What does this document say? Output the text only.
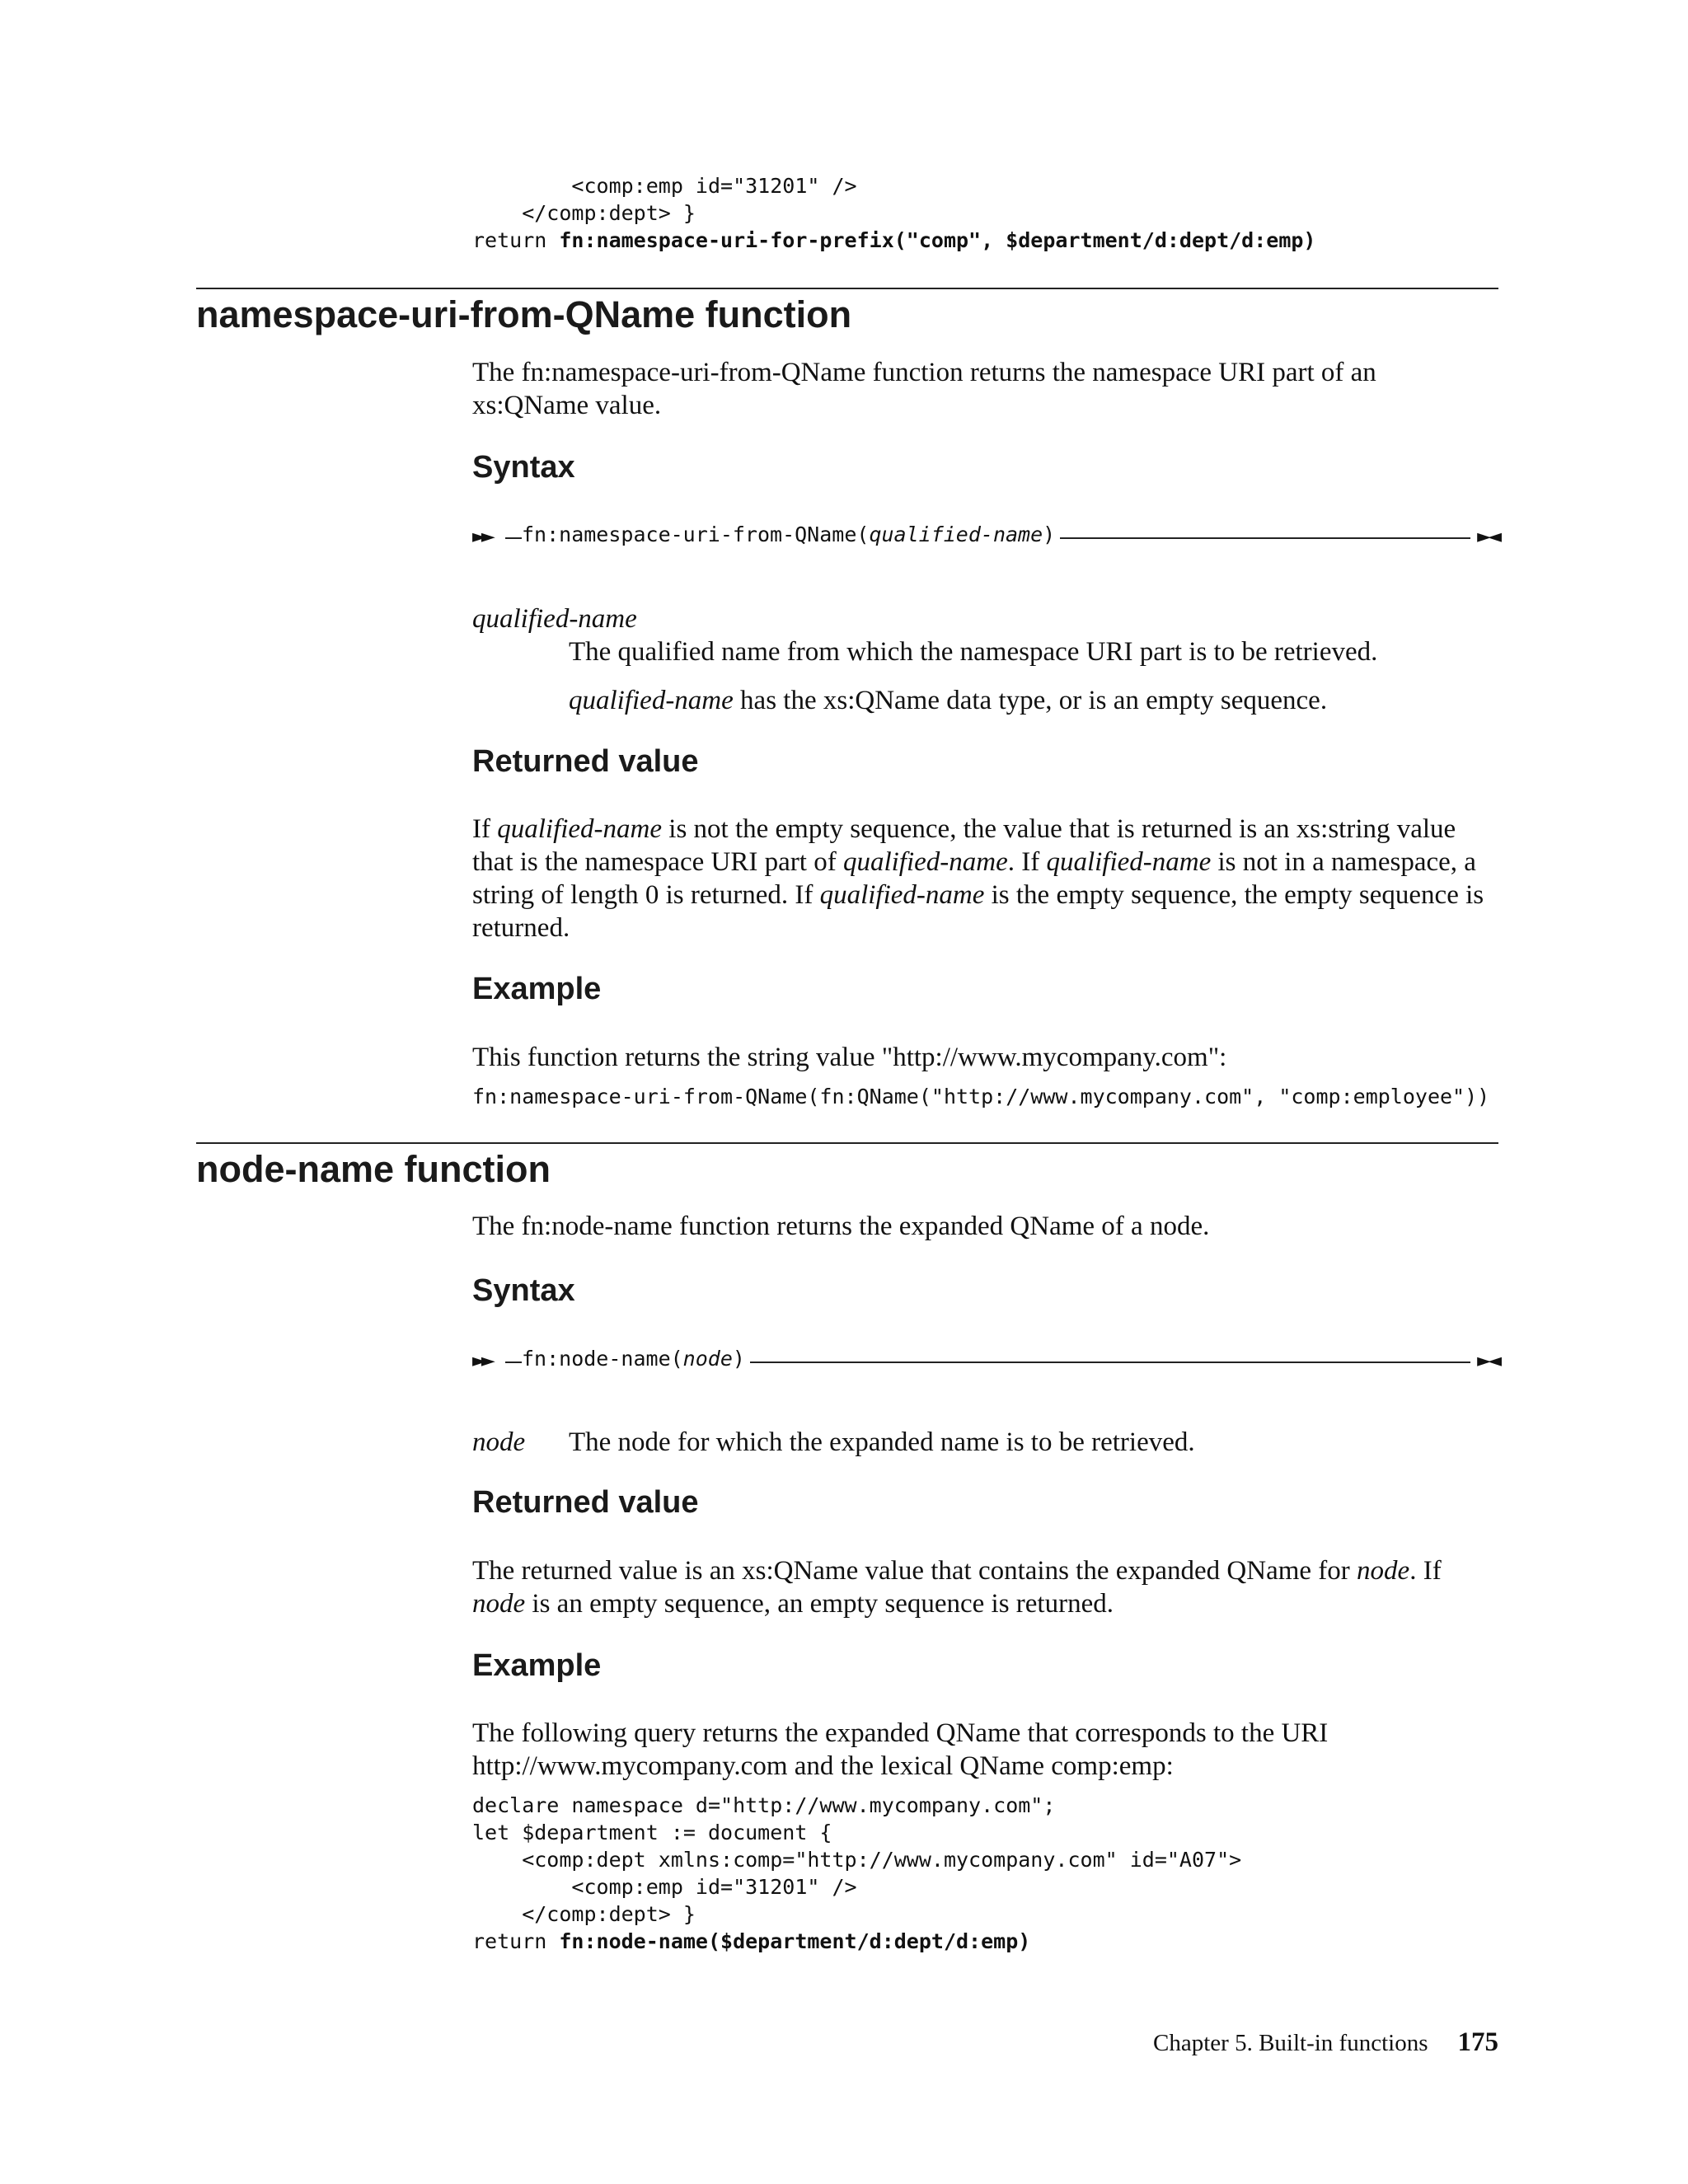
<comp:emp id="31201" />
</comp:dept> }
return fn:namespace-uri-for-prefix("comp", $department/d:dept/d:emp)
namespace-uri-from-QName function

The fn:namespace-uri-from-QName function returns the namespace URI part of an xs:QName value.

Syntax
►► fn:namespace-uri-from-QName(qualified-name)	►◄
qualified-name

The qualified name from which the namespace URI part is to be retrieved.

qualified-name has the xs:QName data type, or is an empty sequence.

Returned value

If qualified-name is not the empty sequence, the value that is returned is an xs:string value that is the namespace URI part of qualified-name. If qualified-name is not in a namespace, a string of length 0 is returned. If qualified-name is the empty sequence, the empty sequence is returned.

Example

This function returns the string value "http://www.mycompany.com":

fn:namespace-uri-from-QName(fn:QName("http://www.mycompany.com", "comp:employee"))
node-name function

The fn:node-name function returns the expanded QName of a node.

Syntax
►► fn:node-name(node)	►◄
node	The node for which the expanded name is to be retrieved.

Returned value

The returned value is an xs:QName value that contains the expanded QName for node. If node is an empty sequence, an empty sequence is returned.

Example

The following query returns the expanded QName that corresponds to the URI http://www.mycompany.com and the lexical QName comp:emp:

declare namespace d="http://www.mycompany.com";
let $department := document {
<comp:dept xmlns:comp="http://www.mycompany.com" id="A07">
<comp:emp id="31201" />
</comp:dept> }
return fn:node-name($department/d:dept/d:emp)
Chapter 5. Built-in functions 175
